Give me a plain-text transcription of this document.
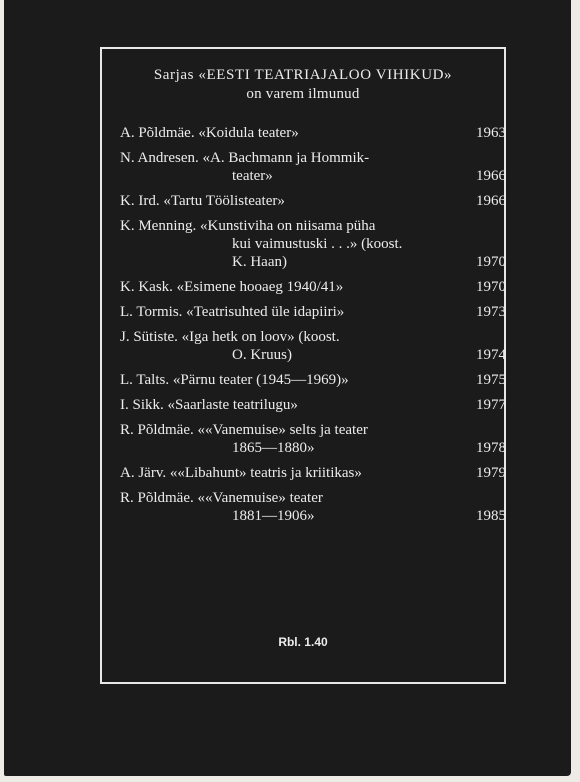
Sarjas «EESTI TEATRIAJALOO VIHIKUD»
on varem ilmunud
A. Põldmäe. «Koidula teater»	1963
N. Andresen. «A. Bachmann ja Hommik-
teater»	1966
K. Ird. «Tartu Töölisteater»	1966
K. Menning. «Kunstiviha on niisama püha
kui vaimustuski . . .» (koost.
K. Haan)	1970
K. Kask. «Esimene hooaeg 1940/41»	1970
L. Tormis. «Teatrisuhted üle idapiiri»	1973
J. Sütiste. «Iga hetk on loov» (koost.
O. Kruus)	1974
L. Talts. «Pärnu teater (1945—1969)»	1975
I. Sikk. «Saarlaste teatrilugu»	1977
R. Põldmäe. ««Vanemuise» selts ja teater
1865—1880»	1978
A. Järv. ««Libahunt» teatris ja kriitikas»	1979
R. Põldmäe. ««Vanemuise» teater
1881—1906»	1985
Rbl. 1.40
